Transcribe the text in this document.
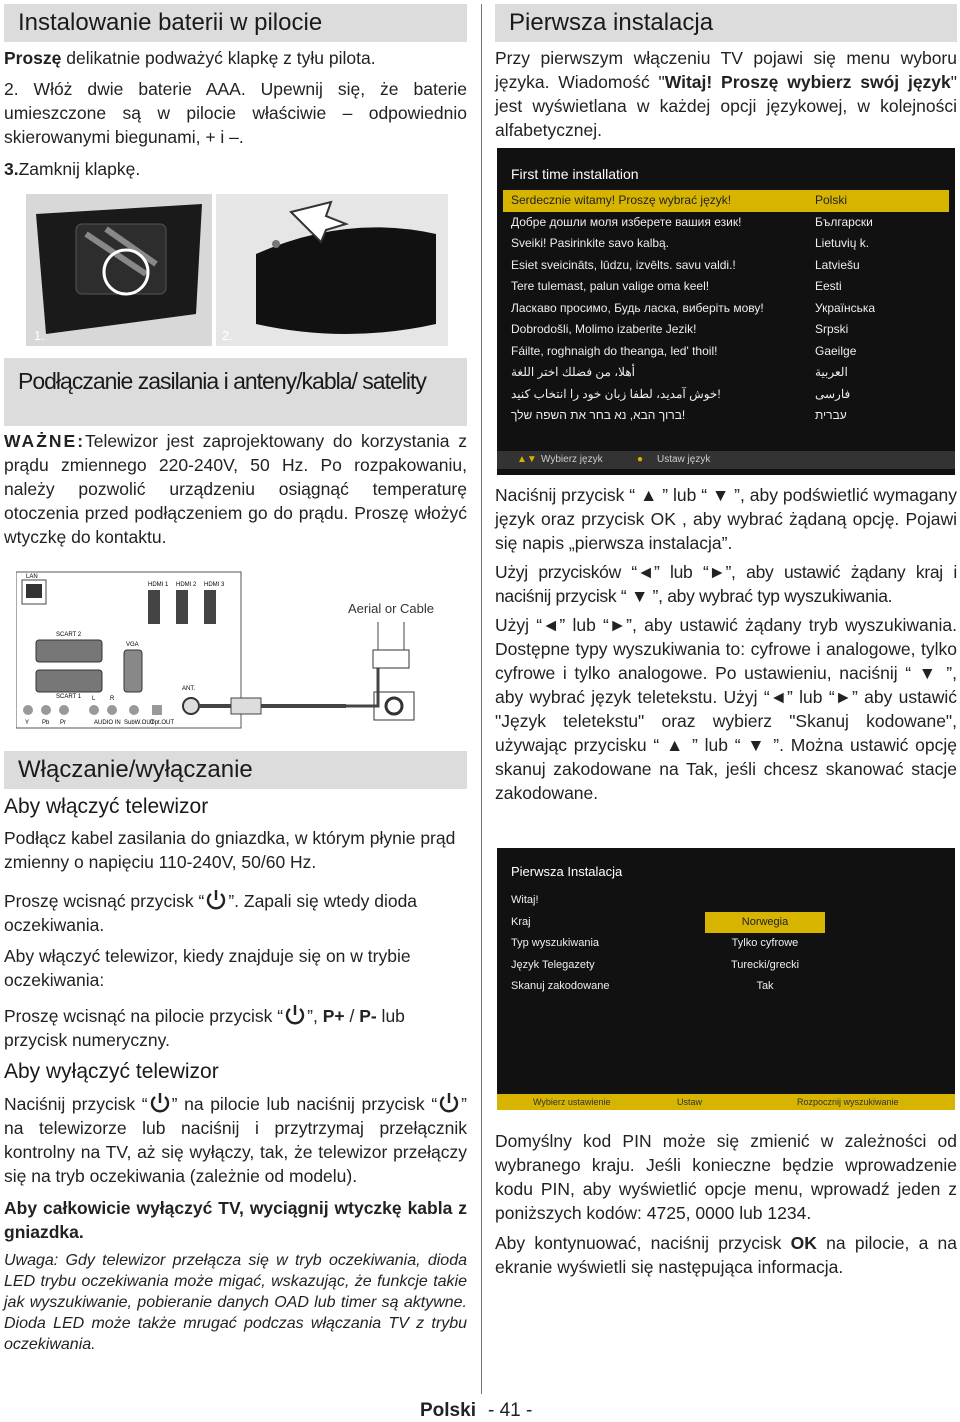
Instalowanie baterii w pilocie

Proszę delikatnie podważyć klapkę z tyłu pilota.

2. Włóż dwie baterie AAA. Upewnij się, że baterie umieszczone są w pilocie właściwie – odpowiednio skierowanymi biegunami, + i –.

3.Zamknij klapkę.

1.	2.
Podłączanie zasilania i anteny/kabla/ satelity

WAŻNE:Telewizor jest zaprojektowany do korzystania z prądu zmiennego 220-240V, 50 Hz. Po rozpakowaniu, należy pozwolić urządzeniu osiągnąć temperaturę otoczenia przed podłączeniem go do prądu. Proszę włożyć wtyczkę do kontaktu.

LAN
HDMI 1 HDMI 2 HDMI 3
SCART 2
SCART 1
VGA
ANT.
Y Pb Pr
L R
AUDIO IN SubW.OUT
Opt.OUT
Aerial or Cable
Włączanie/wyłączanie
Aby włączyć telewizor

Podłącz kabel zasilania do gniazdka, w którym płynie prąd zmienny o napięciu 110-240V, 50/60 Hz.

Proszę wcisnąć przycisk “ ”. Zapali się wtedy dioda oczekiwania.

Aby włączyć telewizor, kiedy znajduje się on w trybie oczekiwania:

Proszę wcisnąć na pilocie przycisk “ ”, P+ / P- lub przycisk numeryczny.

Aby wyłączyć telewizor

Naciśnij przycisk “ ” na pilocie lub naciśnij przycisk “ ” na telewizorze lub naciśnij i przytrzymaj przełącznik kontrolny na TV, aż się wyłączy, tak, że telewizor przełączy się na tryb oczekiwania (zależnie od modelu).

Aby całkowicie wyłączyć TV, wyciągnij wtyczkę kabla z gniazdka.

Uwaga: Gdy telewizor przełącza się w tryb oczekiwania, dioda LED trybu oczekiwania może migać, wskazując, że funkcje takie jak wyszukiwanie, pobieranie danych OAD lub timer są aktywne. Dioda LED może także mrugać podczas włączania TV z trybu oczekiwania.

Pierwsza instalacja

Przy pierwszym włączeniu TV pojawi się menu wyboru języka. Wiadomość "Witaj! Proszę wybierz swój język" jest wyświetlana w każdej opcji językowej, w kolejności alfabetycznej.

First time installation
Serdecznie witamy! Proszę wybrać język!	Polski
Добре дошли моля изберете вашия език!	Български
Sveiki! Pasirinkite savo kalbą.	Lietuvių k.
Esiet sveicināts, lūdzu, izvēlts. savu valdi.!	Latviešu
Tere tulemast, palun valige oma keel!	Eesti
Ласкаво просимо, Будь ласка, виберіть мову!	Українська
Dobrodošli, Molimo izaberite Jezik!	Srpski
Fáilte, roghnaigh do theanga, led' thoil!	Gaeilge
أهلا، من فضلك اختر اللغة	العربية
خوش آمدید، لطفا زبان خود را انتخاب کنید!	فارسی
ברוך הבא, נא בחר את השפה שלך!	עברית
▲▼ Wybierz język	● Ustaw język

Naciśnij przycisk “ ▲ ” lub “ ▼ ”, aby podświetlić wymagany język oraz przycisk OK , aby wybrać żądaną opcję. Pojawi się napis „pierwsza instalacja”.

Użyj przycisków “◄” lub “►”, aby ustawić żądany kraj i naciśnij przycisk “ ▼ ”, aby wybrać typ wyszukiwania.

Użyj “◄” lub “►”, aby ustawić żądany tryb wyszukiwania. Dostępne typy wyszukiwania to: cyfrowe i analogowe, tylko cyfrowe i tylko analogowe. Po ustawieniu, naciśnij “ ▼ ”, aby wybrać język teletekstu. Użyj “◄” lub “►” aby ustawić "Język teletekstu" oraz wybierz "Skanuj kodowane", używając przycisku “ ▲ ” lub “ ▼ ”. Można ustawić opcję skanuj zakodowane na Tak, jeśli chcesz skanować stacje zakodowane.

Pierwsza Instalacja
Witaj!
Kraj	Norwegia
Typ wyszukiwania	Tylko cyfrowe
Język Telegazety	Turecki/grecki
Skanuj zakodowane	Tak
Wybierz ustawienie	Ustaw	Rozpocznij wyszukiwanie

Domyślny kod PIN może się zmienić w zależności od wybranego kraju. Jeśli konieczne będzie wprowadzenie kodu PIN, aby wyświetlić opcje menu, wprowadź jeden z poniższych kodów: 4725, 0000 lub 1234.

Aby kontynuować, naciśnij przycisk OK na pilocie, a na ekranie wyświetli się następująca informacja.

Polski - 41 -
